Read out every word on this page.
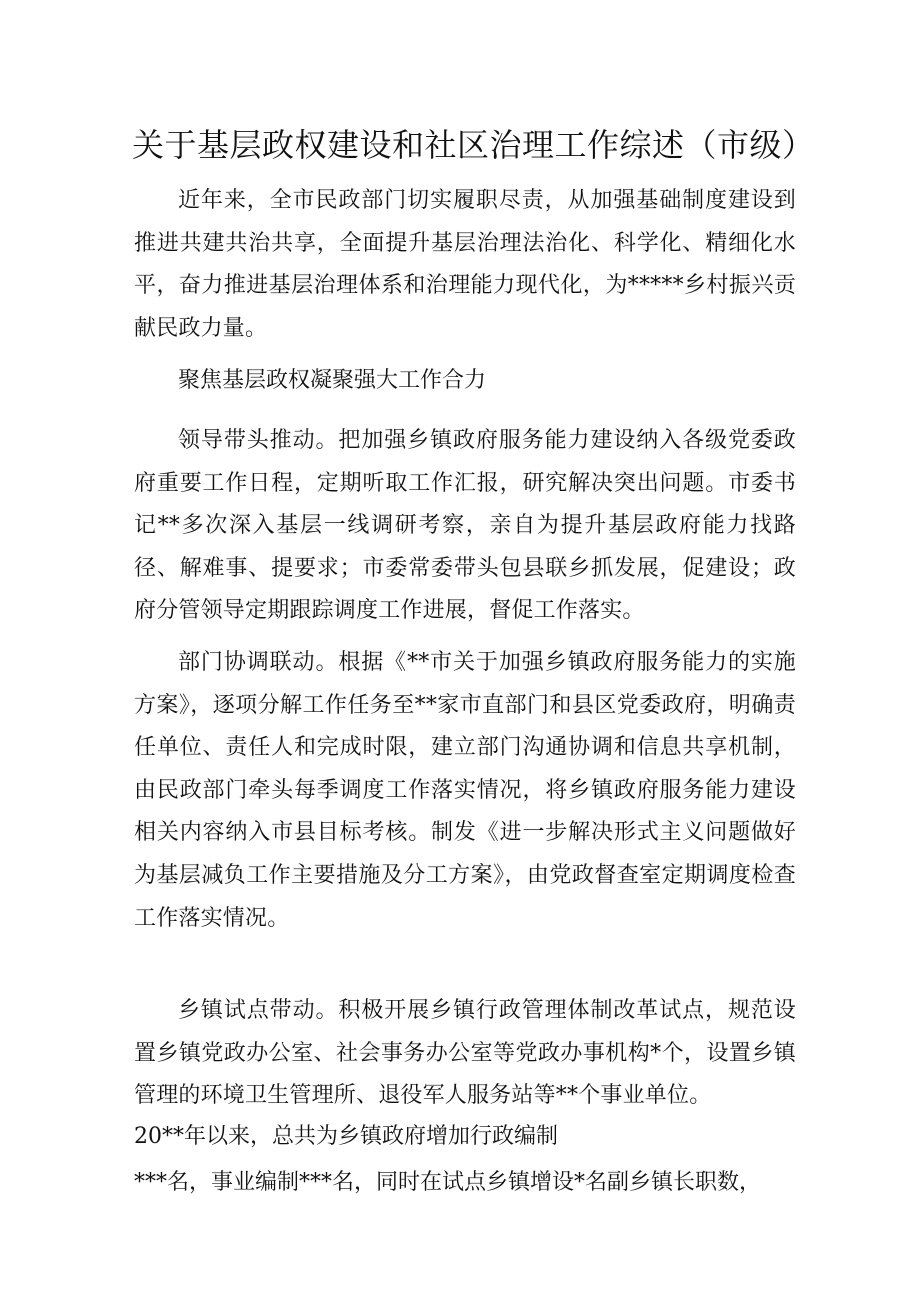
关于基层政权建设和社区治理工作综述（市级）

近年来，全市民政部门切实履职尽责，从加强基础制度建设到推进共建共治共享，全面提升基层治理法治化、科学化、精细化水平，奋力推进基层治理体系和治理能力现代化，为*****乡村振兴贡献民政力量。

聚焦基层政权凝聚强大工作合力

领导带头推动。把加强乡镇政府服务能力建设纳入各级党委政府重要工作日程，定期听取工作汇报，研究解决突出问题。市委书记**多次深入基层一线调研考察，亲自为提升基层政府能力找路径、解难事、提要求；市委常委带头包县联乡抓发展，促建设；政府分管领导定期跟踪调度工作进展，督促工作落实。

部门协调联动。根据《**市关于加强乡镇政府服务能力的实施方案》，逐项分解工作任务至**家市直部门和县区党委政府，明确责任单位、责任人和完成时限，建立部门沟通协调和信息共享机制，由民政部门牵头每季调度工作落实情况，将乡镇政府服务能力建设相关内容纳入市县目标考核。制发《进一步解决形式主义问题做好为基层减负工作主要措施及分工方案》，由党政督查室定期调度检查工作落实情况。

乡镇试点带动。积极开展乡镇行政管理体制改革试点，规范设置乡镇党政办公室、社会事务办公室等党政办事机构*个，设置乡镇管理的环境卫生管理所、退役军人服务站等**个事业单位。

20**年以来，总共为乡镇政府增加行政编制

***名，事业编制***名，同时在试点乡镇增设*名副乡镇长职数，
